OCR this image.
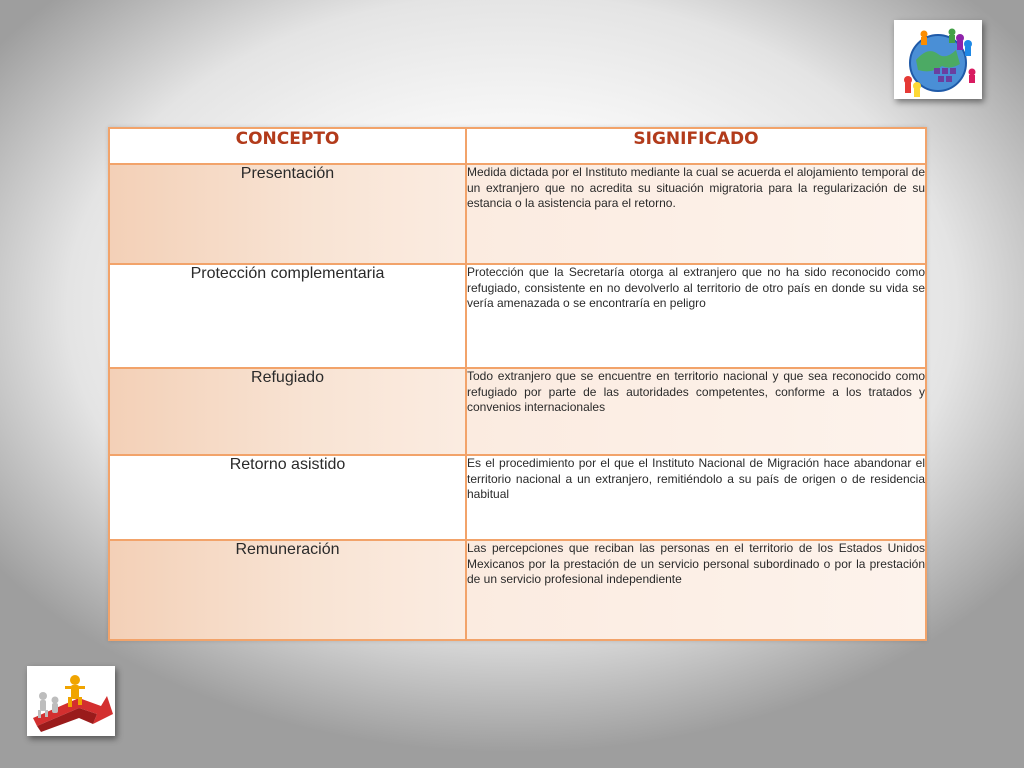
CONCEPTO	SIGNIFICADO
Presentación	Medida dictada por el Instituto mediante la cual se acuerda el alojamiento temporal de un extranjero que no acredita su situación migratoria para la regularización de su estancia o la asistencia para el retorno.
Protección complementaria	Protección que la Secretaría otorga al extranjero que no ha sido reconocido como refugiado, consistente en no devolverlo al territorio de otro país en donde su vida se vería amenazada o se encontraría en peligro
Refugiado	Todo extranjero que se encuentre en territorio nacional y que sea reconocido como refugiado por parte de las autoridades competentes, conforme a los tratados y convenios internacionales
Retorno asistido	Es el procedimiento por el que el Instituto Nacional de Migración hace abandonar el territorio nacional a un extranjero, remitiéndolo a su país de origen o de residencia habitual
Remuneración	Las percepciones que reciban las personas en el territorio de los Estados Unidos Mexicanos por la prestación de un servicio personal subordinado o por la prestación de un servicio profesional independiente
